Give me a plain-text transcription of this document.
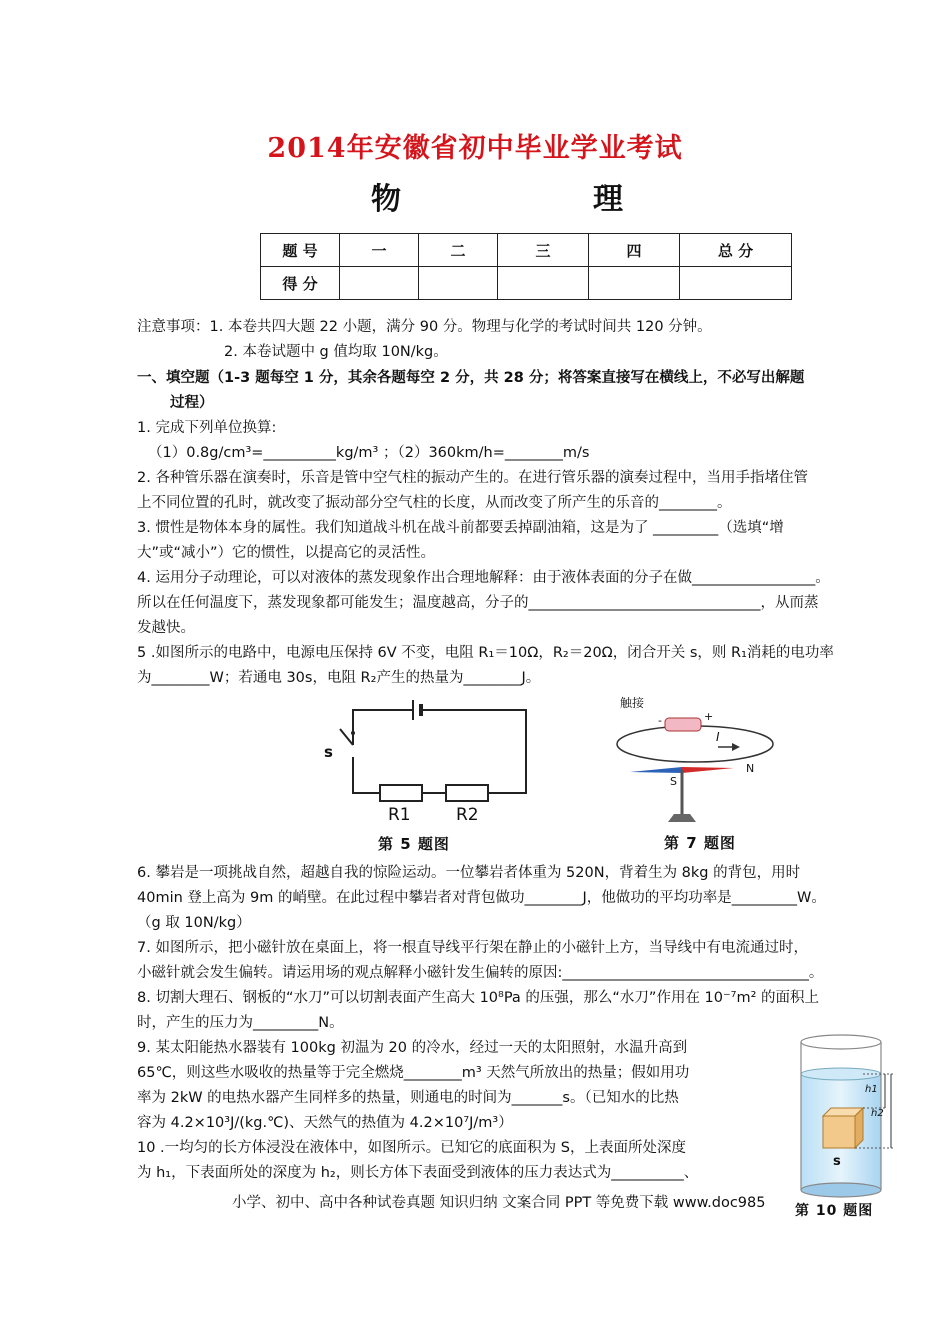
2014年安徽省初中毕业学业考试
物　　理
题 号	一	二	三	四	总 分
得 分					
注意事项：1. 本卷共四大题 22 小题，满分 90 分。物理与化学的考试时间共 120 分钟。
2. 本卷试题中 g 值均取 10N/kg。
一、填空题（1-3 题每空 1 分，其余各题每空 2 分，共 28 分；将答案直接写在横线上，不必写出解题
过程）
1. 完成下列单位换算:
（1）0.8g/cm³=__________kg/m³ ；（2）360km/h=________m/s
2. 各种管乐器在演奏时，乐音是管中空气柱的振动产生的。在进行管乐器的演奏过程中，当用手指堵住管
上不同位置的孔时，就改变了振动部分空气柱的长度，从而改变了所产生的乐音的________。
3. 惯性是物体本身的属性。我们知道战斗机在战斗前都要丢掉副油箱，这是为了 _________（选填“增
大”或“减小”）它的惯性，以提高它的灵活性。
4. 运用分子动理论，可以对液体的蒸发现象作出合理地解释：由于液体表面的分子在做_________________。
所以在任何温度下，蒸发现象都可能发生；温度越高，分子的________________________________，从而蒸
发越快。
5 .如图所示的电路中，电源电压保持 6V 不变，电阻 R₁＝10Ω，R₂＝20Ω，闭合开关 s，则 R₁消耗的电功率
为________W；若通电 30s，电阻 R₂产生的热量为________J。
s
R1	R2
第 5 题图
触接
-	+
I
S
N
第 7 题图
6. 攀岩是一项挑战自然，超越自我的惊险运动。一位攀岩者体重为 520N，背着生为 8kg 的背包，用时
40min 登上高为 9m 的峭壁。在此过程中攀岩者对背包做功________J，他做功的平均功率是_________W。
（g 取 10N/kg）
7. 如图所示，把小磁针放在桌面上，将一根直导线平行架在静止的小磁针上方，当导线中有电流通过时，
小磁针就会发生偏转。请运用场的观点解释小磁针发生偏转的原因:__________________________________。
8. 切割大理石、钢板的“水刀”可以切割表面产生高大 10⁸Pa 的压强，那么“水刀”作用在 10⁻⁷m² 的面积上
时，产生的压力为_________N。
9. 某太阳能热水器装有 100kg 初温为 20 的冷水，经过一天的太阳照射，水温升高到
65℃，则这些水吸收的热量等于完全燃烧________m³ 天然气所放出的热量；假如用功
率为 2kW 的电热水器产生同样多的热量，则通电的时间为_______s。（已知水的比热
容为 4.2×10³J/(kg.℃)、天然气的热值为 4.2×10⁷J/m³）
10 .一均匀的长方体浸没在液体中，如图所示。已知它的底面积为 S，上表面所处深度
为 h₁，下表面所处的深度为 h₂，则长方体下表面受到液体的压力表达式为__________、
h1
h2
s
第 10 题图
小学、初中、高中各种试卷真题 知识归纳 文案合同 PPT 等免费下载 www.doc985
